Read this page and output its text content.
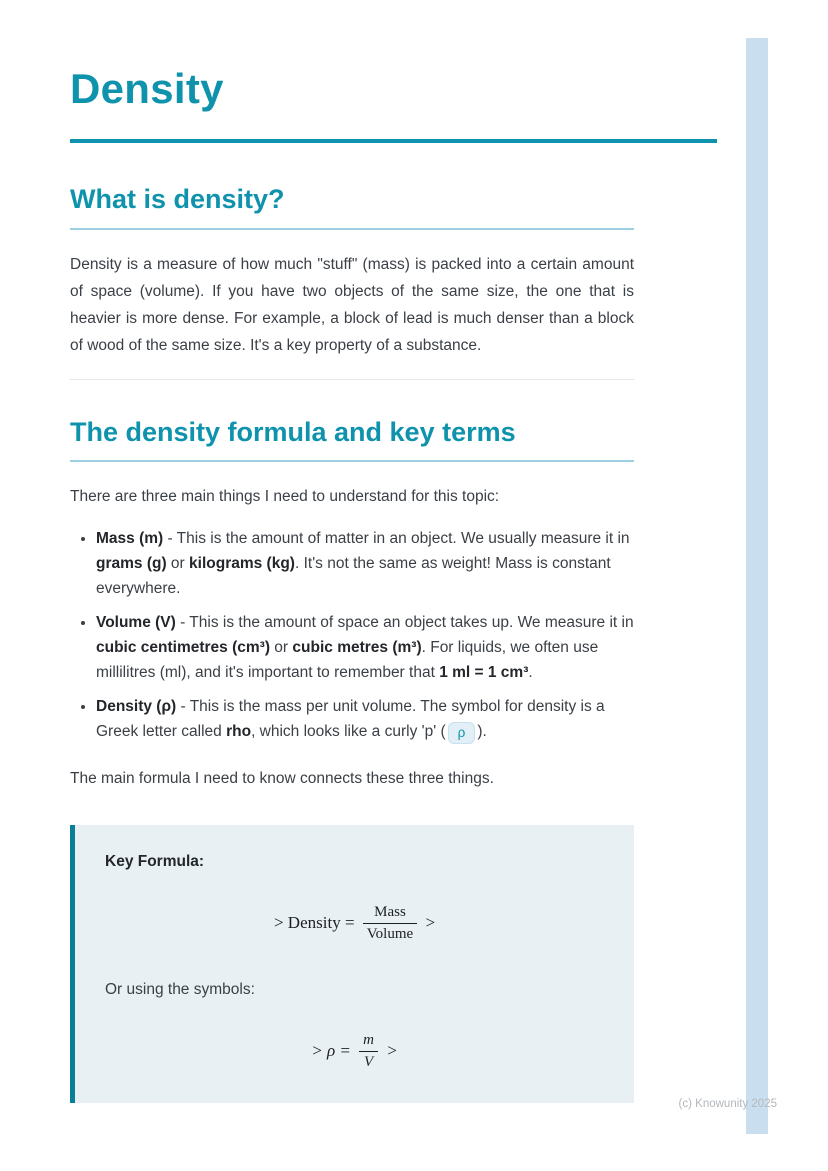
Density
What is density?

Density is a measure of how much "stuff" (mass) is packed into a certain amount of space (volume). If you have two objects of the same size, the one that is heavier is more dense. For example, a block of lead is much denser than a block of wood of the same size. It's a key property of a substance.

The density formula and key terms

There are three main things I need to understand for this topic:

• Mass (m) - This is the amount of matter in an object. We usually measure it in grams (g) or kilograms (kg). It's not the same as weight! Mass is constant everywhere.
• Volume (V) - This is the amount of space an object takes up. We measure it in cubic centimetres (cm³) or cubic metres (m³). For liquids, we often use millilitres (ml), and it's important to remember that 1 ml = 1 cm³.
• Density (ρ) - This is the mass per unit volume. The symbol for density is a Greek letter called rho, which looks like a curly 'p' ( ρ ).

The main formula I need to know connects these three things.

Key Formula:

> Density = $\frac{\text{Mass}}{\text{Volume}}$ >

Or using the symbols:

> $\rho = \frac{m}{V}$ >
(c) Knowunity 2025
